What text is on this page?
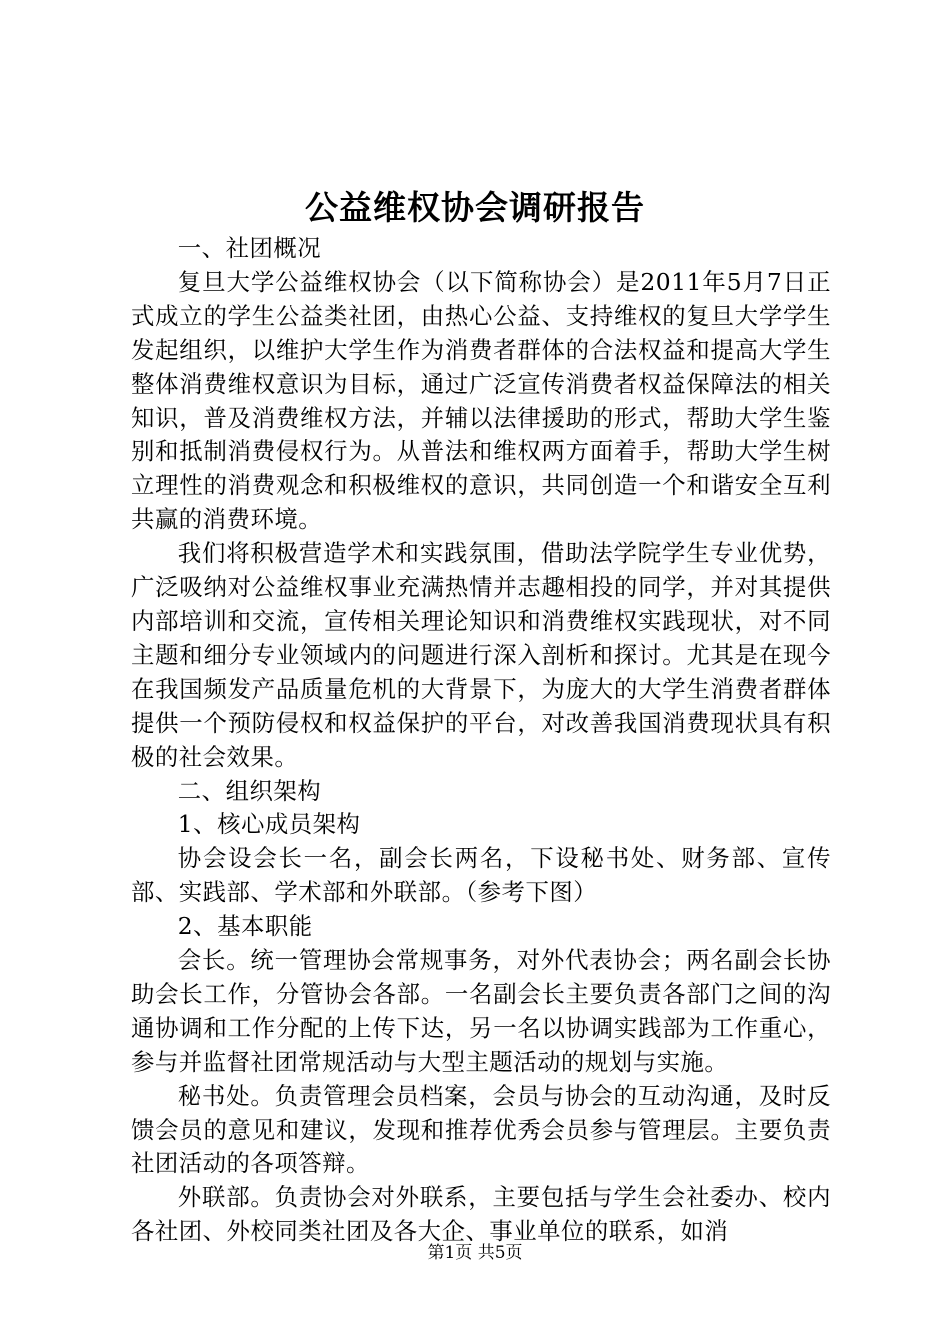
公益维权协会调研报告

一、社团概况

复旦大学公益维权协会（以下简称协会）是2011年5月7日正式成立的学生公益类社团，由热心公益、支持维权的复旦大学学生发起组织，以维护大学生作为消费者群体的合法权益和提高大学生整体消费维权意识为目标，通过广泛宣传消费者权益保障法的相关知识，普及消费维权方法，并辅以法律援助的形式，帮助大学生鉴别和抵制消费侵权行为。从普法和维权两方面着手，帮助大学生树立理性的消费观念和积极维权的意识，共同创造一个和谐安全互利共赢的消费环境。

我们将积极营造学术和实践氛围，借助法学院学生专业优势，广泛吸纳对公益维权事业充满热情并志趣相投的同学，并对其提供内部培训和交流，宣传相关理论知识和消费维权实践现状，对不同主题和细分专业领域内的问题进行深入剖析和探讨。尤其是在现今在我国频发产品质量危机的大背景下，为庞大的大学生消费者群体提供一个预防侵权和权益保护的平台，对改善我国消费现状具有积极的社会效果。

二、组织架构

1、核心成员架构

协会设会长一名，副会长两名，下设秘书处、财务部、宣传部、实践部、学术部和外联部。（参考下图）

2、基本职能

会长。统一管理协会常规事务，对外代表协会；两名副会长协助会长工作，分管协会各部。一名副会长主要负责各部门之间的沟通协调和工作分配的上传下达，另一名以协调实践部为工作重心，参与并监督社团常规活动与大型主题活动的规划与实施。

秘书处。负责管理会员档案，会员与协会的互动沟通，及时反馈会员的意见和建议，发现和推荐优秀会员参与管理层。主要负责社团活动的各项答辩。

外联部。负责协会对外联系，主要包括与学生会社委办、校内各社团、外校同类社团及各大企、事业单位的联系，如消

第1页 共5页
